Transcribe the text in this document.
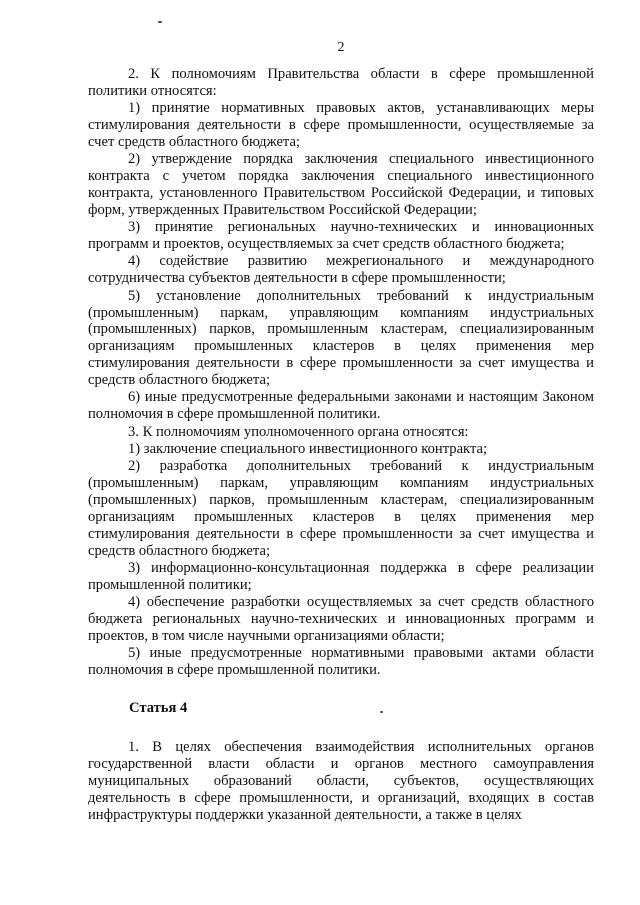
2
2. К полномочиям Правительства области в сфере промышленной политики относятся:
1) принятие нормативных правовых актов, устанавливающих меры стимулирования деятельности в сфере промышленности, осуществляемые за счет средств областного бюджета;
2) утверждение порядка заключения специального инвестиционного контракта с учетом порядка заключения специального инвестиционного контракта, установленного Правительством Российской Федерации, и типовых форм, утвержденных Правительством Российской Федерации;
3) принятие региональных научно-технических и инновационных программ и проектов, осуществляемых за счет средств областного бюджета;
4) содействие развитию межрегионального и международного сотрудничества субъектов деятельности в сфере промышленности;
5) установление дополнительных требований к индустриальным (промышленным) паркам, управляющим компаниям индустриальных (промышленных) парков, промышленным кластерам, специализированным организациям промышленных кластеров в целях применения мер стимулирования деятельности в сфере промышленности за счет имущества и средств областного бюджета;
6) иные предусмотренные федеральными законами и настоящим Законом полномочия в сфере промышленной политики.
3. К полномочиям уполномоченного органа относятся:
1) заключение специального инвестиционного контракта;
2) разработка дополнительных требований к индустриальным (промышленным) паркам, управляющим компаниям индустриальных (промышленных) парков, промышленным кластерам, специализированным организациям промышленных кластеров в целях применения мер стимулирования деятельности в сфере промышленности за счет имущества и средств областного бюджета;
3) информационно-консультационная поддержка в сфере реализации промышленной политики;
4) обеспечение разработки осуществляемых за счет средств областного бюджета региональных научно-технических и инновационных программ и проектов, в том числе научными организациями области;
5) иные предусмотренные нормативными правовыми актами области полномочия в сфере промышленной политики.
Статья 4
1. В целях обеспечения взаимодействия исполнительных органов государственной власти области и органов местного самоуправления муниципальных образований области, субъектов, осуществляющих деятельность в сфере промышленности, и организаций, входящих в состав инфраструктуры поддержки указанной деятельности, а также в целях
